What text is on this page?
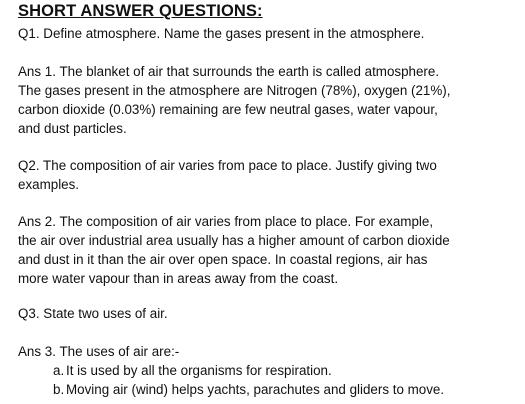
SHORT ANSWER QUESTIONS:
Q1. Define atmosphere. Name the gases present in the atmosphere.
Ans 1. The blanket of air that surrounds the earth is called atmosphere.
The gases present in the atmosphere are Nitrogen (78%), oxygen (21%),
carbon dioxide (0.03%) remaining are few neutral gases, water vapour,
and dust particles.
Q2. The composition of air varies from pace to place. Justify giving two
examples.
Ans 2. The composition of air varies from place to place. For example,
the air over industrial area usually has a higher amount of carbon dioxide
and dust in it than the air over open space. In coastal regions, air has
more water vapour than in areas away from the coast.
Q3. State two uses of air.
Ans 3. The uses of air are:-
a. It is used by all the organisms for respiration.
b. Moving air (wind) helps yachts, parachutes and gliders to move.
